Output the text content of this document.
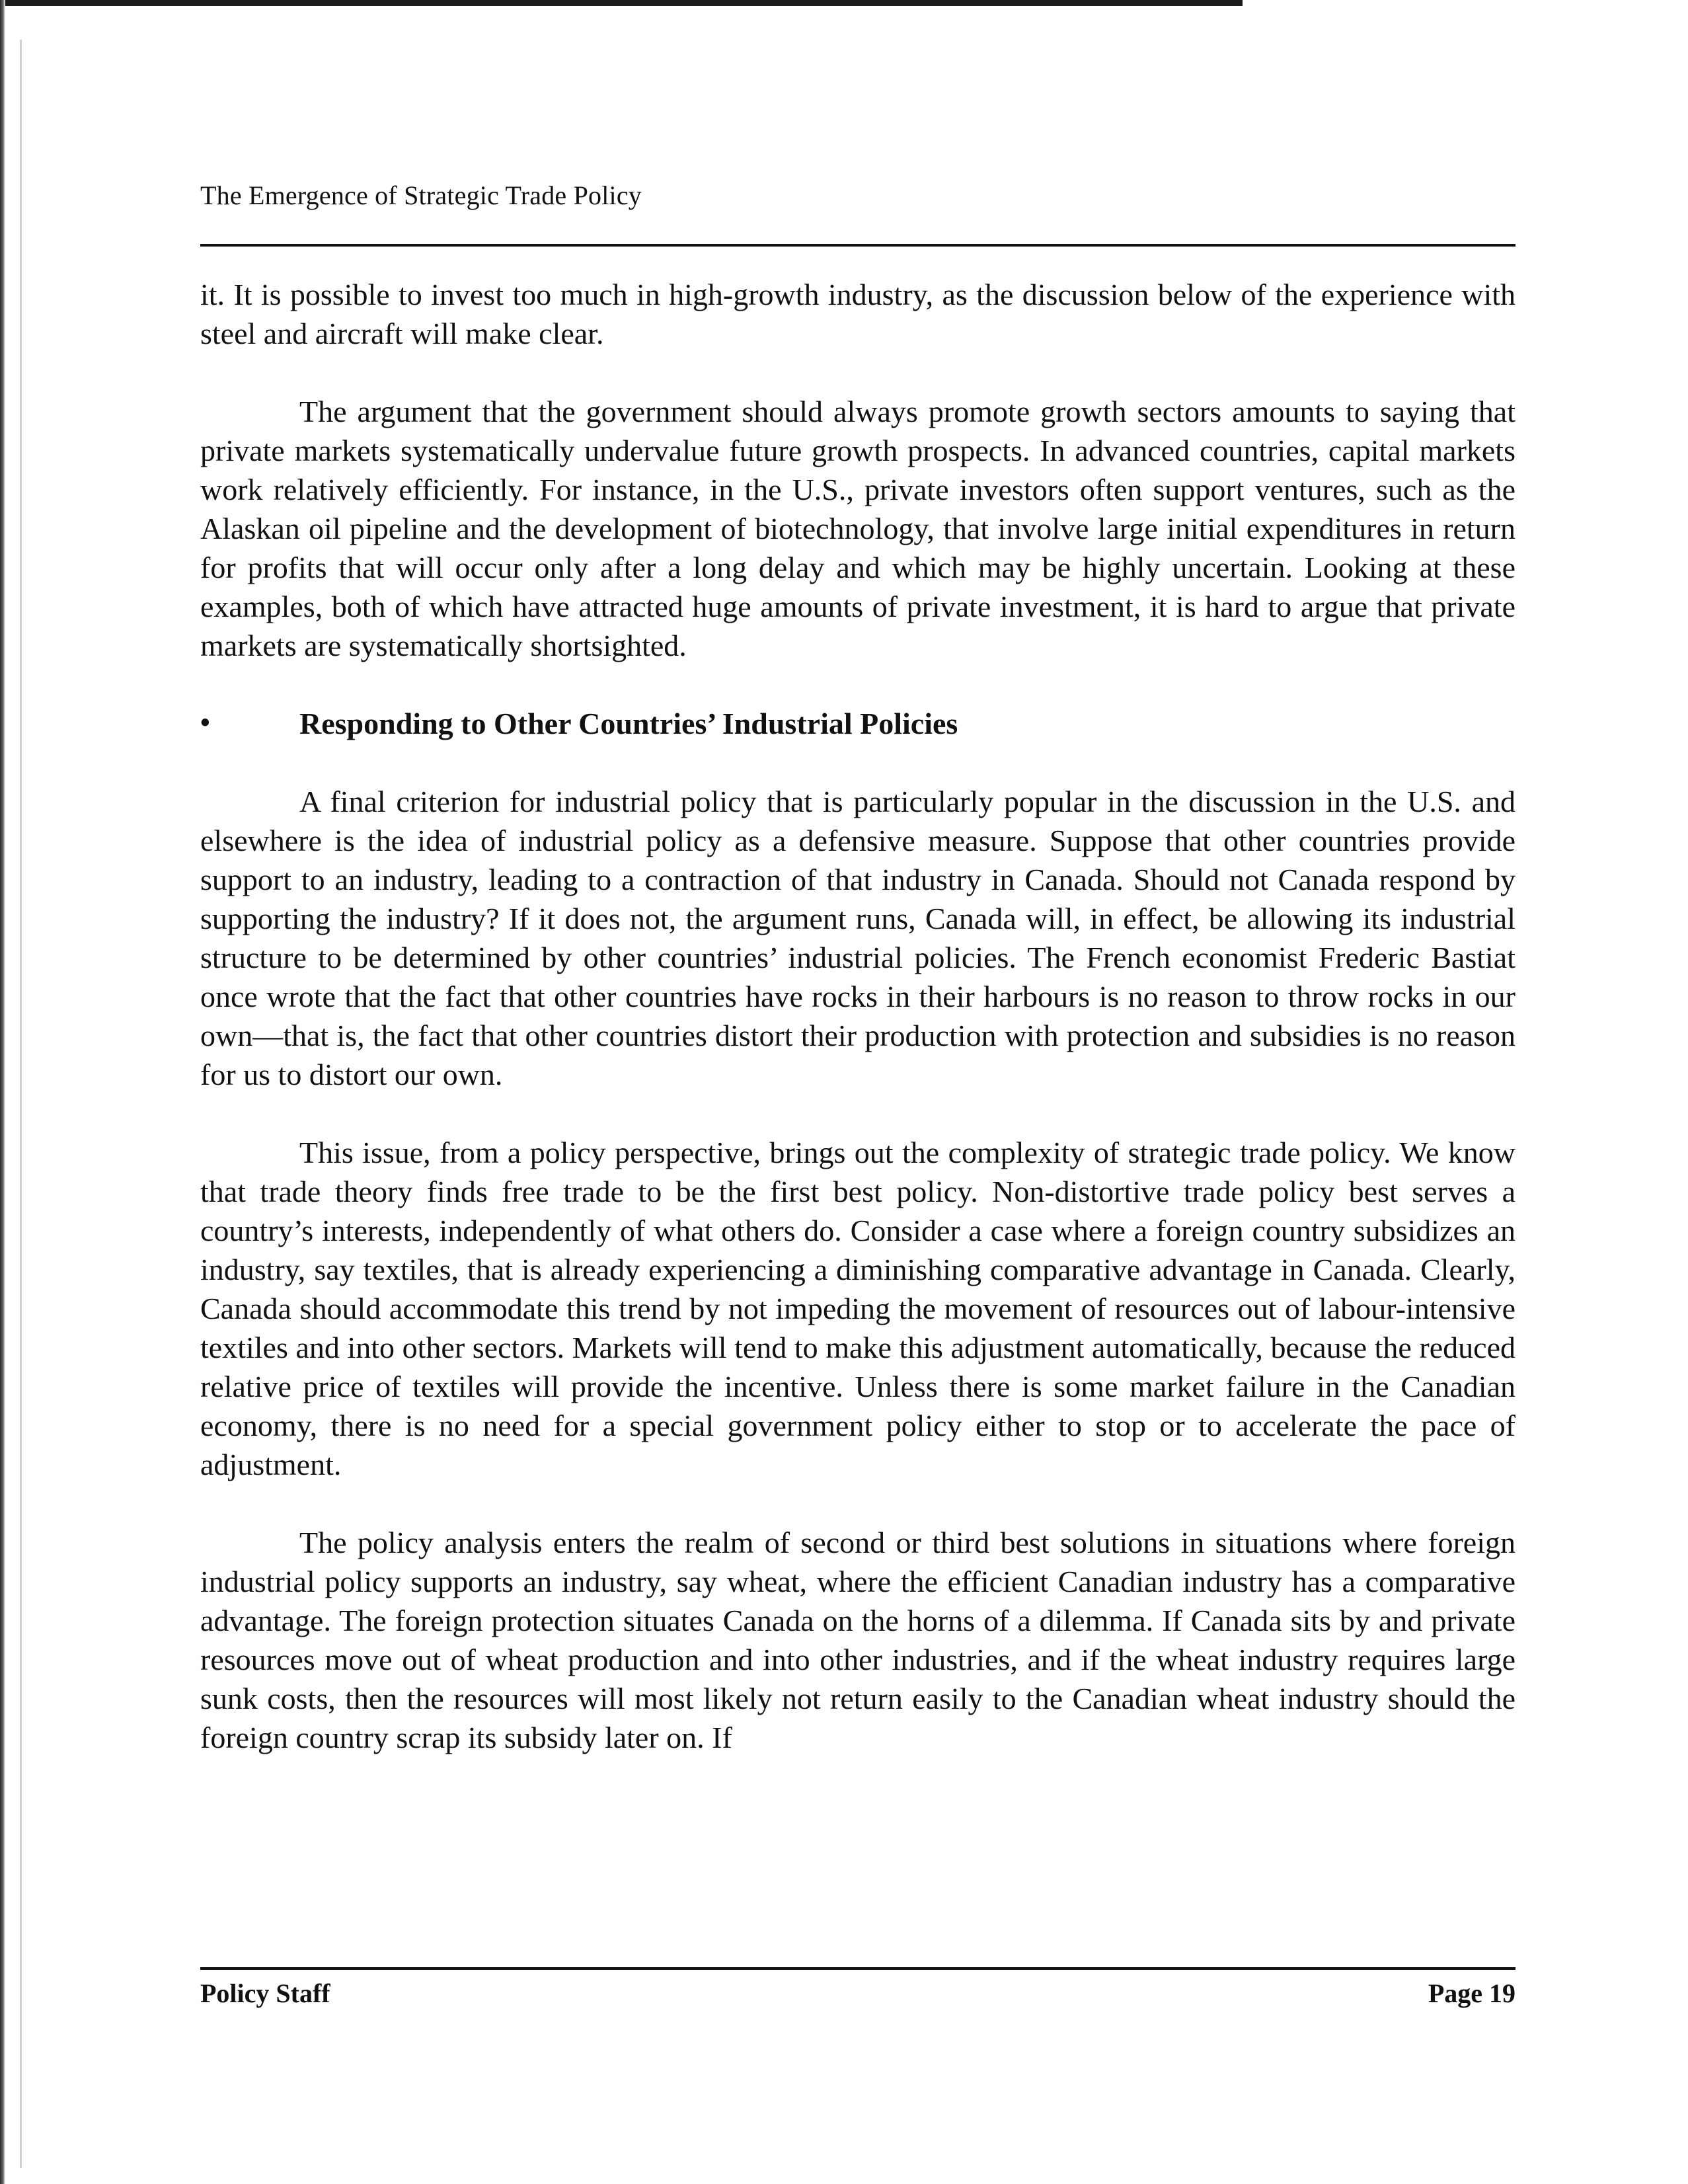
The Emergence of Strategic Trade Policy

it. It is possible to invest too much in high-growth industry, as the discussion below of the experience with steel and aircraft will make clear.

The argument that the government should always promote growth sectors amounts to saying that private markets systematically undervalue future growth prospects. In advanced countries, capital markets work relatively efficiently. For instance, in the U.S., private investors often support ventures, such as the Alaskan oil pipeline and the development of biotechnology, that involve large initial expenditures in return for profits that will occur only after a long delay and which may be highly uncertain. Looking at these examples, both of which have attracted huge amounts of private investment, it is hard to argue that private markets are systematically shortsighted.

•	Responding to Other Countries’ Industrial Policies

A final criterion for industrial policy that is particularly popular in the discussion in the U.S. and elsewhere is the idea of industrial policy as a defensive measure. Suppose that other countries provide support to an industry, leading to a contraction of that industry in Canada. Should not Canada respond by supporting the industry? If it does not, the argument runs, Canada will, in effect, be allowing its industrial structure to be determined by other countries’ industrial policies. The French economist Frederic Bastiat once wrote that the fact that other countries have rocks in their harbours is no reason to throw rocks in our own—that is, the fact that other countries distort their production with protection and subsidies is no reason for us to distort our own.

This issue, from a policy perspective, brings out the complexity of strategic trade policy. We know that trade theory finds free trade to be the first best policy. Non-distortive trade policy best serves a country’s interests, independently of what others do. Consider a case where a foreign country subsidizes an industry, say textiles, that is already experiencing a diminishing comparative advantage in Canada. Clearly, Canada should accommodate this trend by not impeding the movement of resources out of labour-intensive textiles and into other sectors. Markets will tend to make this adjustment automatically, because the reduced relative price of textiles will provide the incentive. Unless there is some market failure in the Canadian economy, there is no need for a special government policy either to stop or to accelerate the pace of adjustment.

The policy analysis enters the realm of second or third best solutions in situations where foreign industrial policy supports an industry, say wheat, where the efficient Canadian industry has a comparative advantage. The foreign protection situates Canada on the horns of a dilemma. If Canada sits by and private resources move out of wheat production and into other industries, and if the wheat industry requires large sunk costs, then the resources will most likely not return easily to the Canadian wheat industry should the foreign country scrap its subsidy later on. If

Policy Staff	Page 19
